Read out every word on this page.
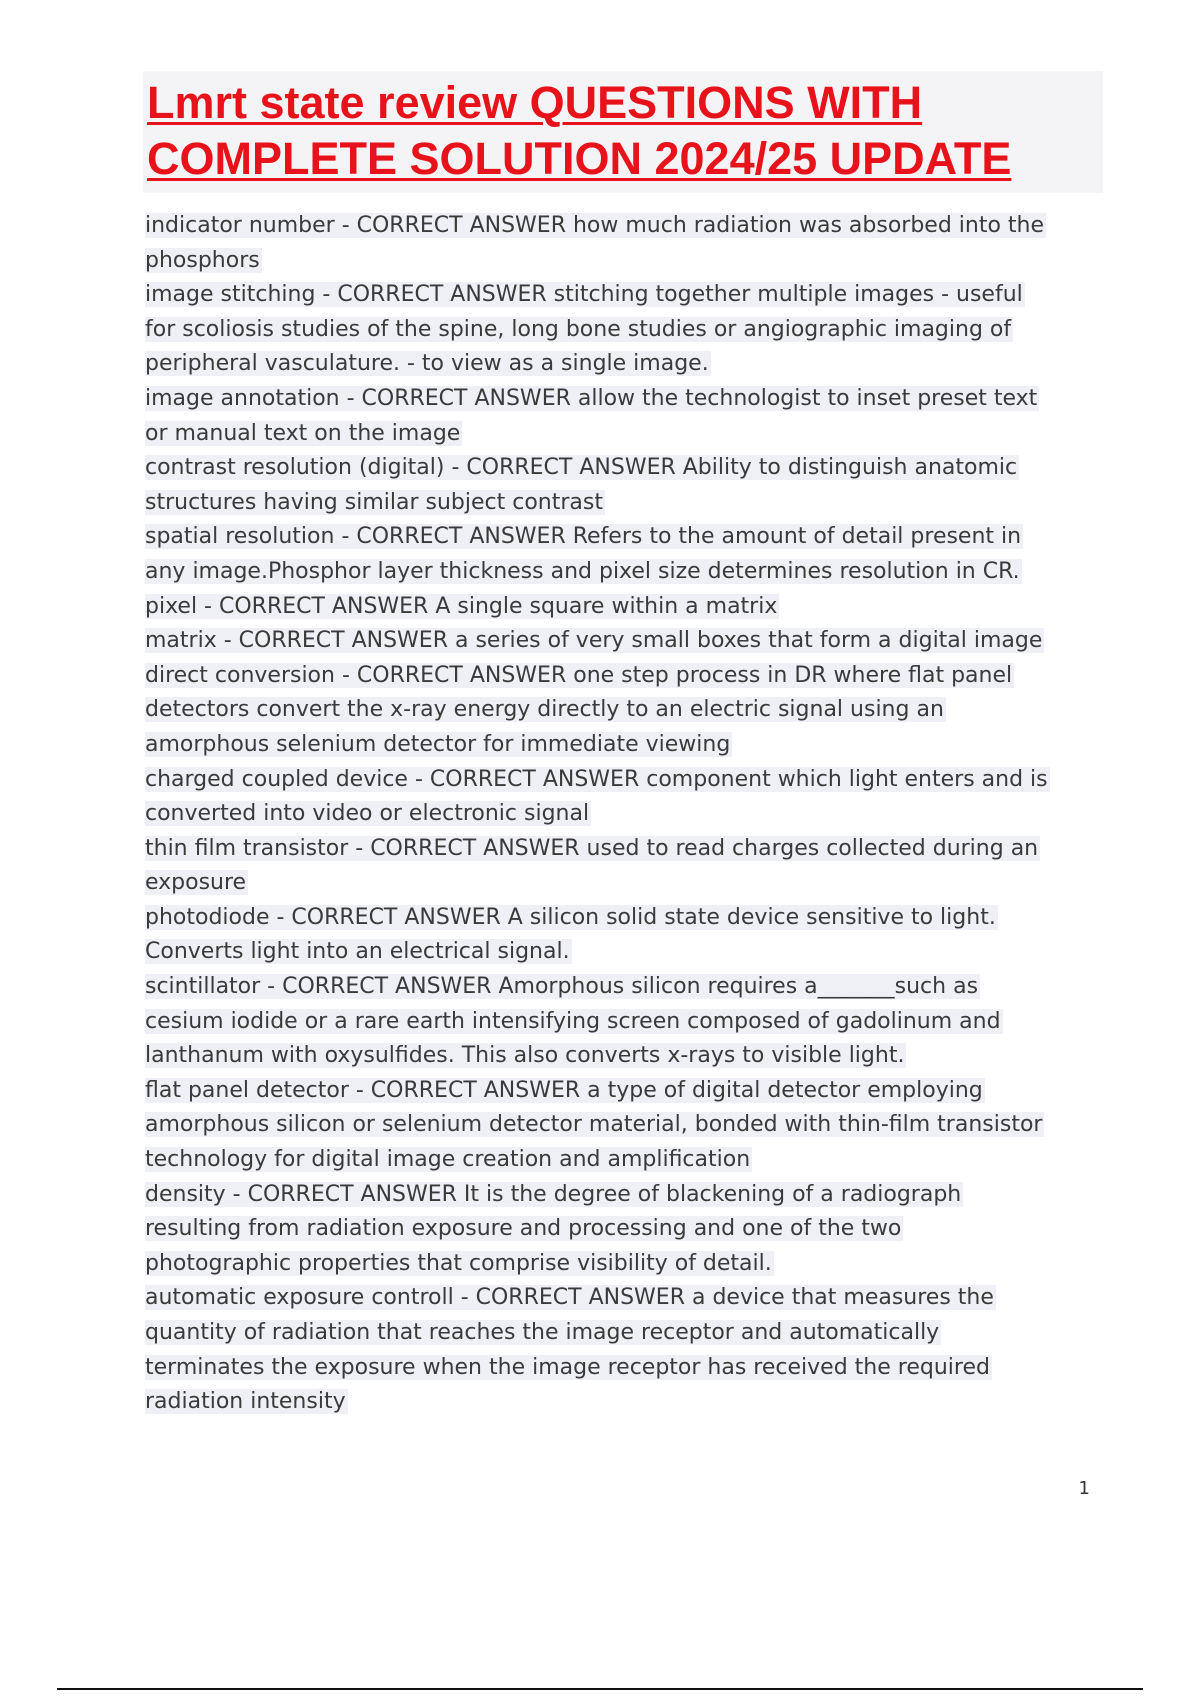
Lmrt state review QUESTIONS WITH
COMPLETE SOLUTION 2024/25 UPDATE
indicator number - CORRECT ANSWER how much radiation was absorbed into the
phosphors
image stitching - CORRECT ANSWER stitching together multiple images - useful
for scoliosis studies of the spine, long bone studies or angiographic imaging of
peripheral vasculature. - to view as a single image.
image annotation - CORRECT ANSWER allow the technologist to inset preset text
or manual text on the image
contrast resolution (digital) - CORRECT ANSWER Ability to distinguish anatomic
structures having similar subject contrast
spatial resolution - CORRECT ANSWER Refers to the amount of detail present in
any image.Phosphor layer thickness and pixel size determines resolution in CR.
pixel - CORRECT ANSWER A single square within a matrix
matrix - CORRECT ANSWER a series of very small boxes that form a digital image
direct conversion - CORRECT ANSWER one step process in DR where flat panel
detectors convert the x-ray energy directly to an electric signal using an
amorphous selenium detector for immediate viewing
charged coupled device - CORRECT ANSWER component which light enters and is
converted into video or electronic signal
thin film transistor - CORRECT ANSWER used to read charges collected during an
exposure
photodiode - CORRECT ANSWER A silicon solid state device sensitive to light.
Converts light into an electrical signal.
scintillator - CORRECT ANSWER Amorphous silicon requires a_______such as
cesium iodide or a rare earth intensifying screen composed of gadolinum and
lanthanum with oxysulfides. This also converts x-rays to visible light.
flat panel detector - CORRECT ANSWER a type of digital detector employing
amorphous silicon or selenium detector material, bonded with thin-film transistor
technology for digital image creation and amplification
density - CORRECT ANSWER It is the degree of blackening of a radiograph
resulting from radiation exposure and processing and one of the two
photographic properties that comprise visibility of detail.
automatic exposure controll - CORRECT ANSWER a device that measures the
quantity of radiation that reaches the image receptor and automatically
terminates the exposure when the image receptor has received the required
radiation intensity
1
